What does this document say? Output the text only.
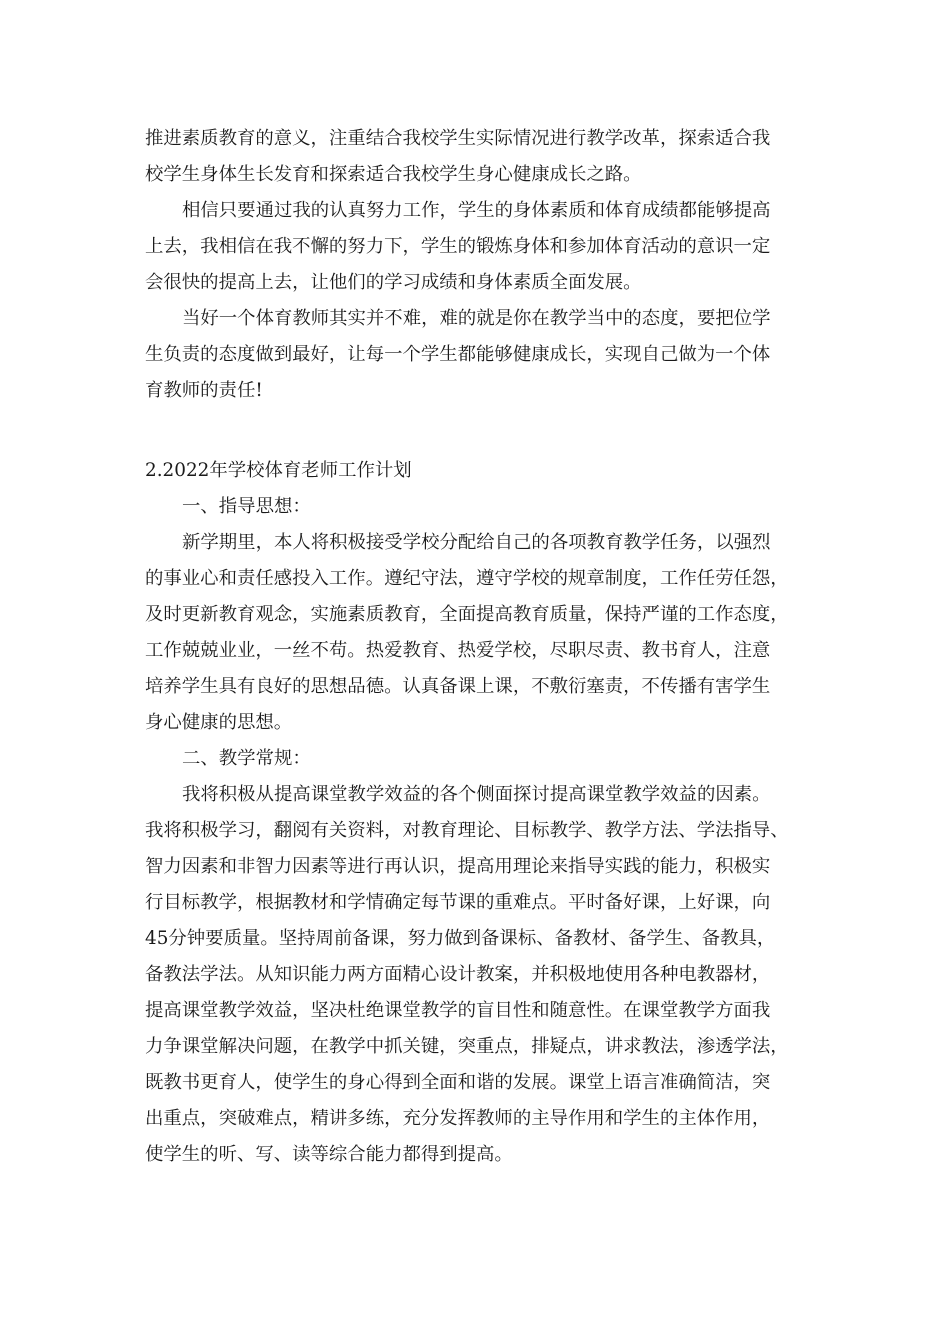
推进素质教育的意义，注重结合我校学生实际情况进行教学改革，探索适合我

校学生身体生长发育和探索适合我校学生身心健康成长之路。

相信只要通过我的认真努力工作，学生的身体素质和体育成绩都能够提高

上去，我相信在我不懈的努力下，学生的锻炼身体和参加体育活动的意识一定

会很快的提高上去，让他们的学习成绩和身体素质全面发展。

当好一个体育教师其实并不难，难的就是你在教学当中的态度，要把位学

生负责的态度做到最好，让每一个学生都能够健康成长，实现自己做为一个体

育教师的责任!

2.2022年学校体育老师工作计划

一、指导思想：

新学期里，本人将积极接受学校分配给自己的各项教育教学任务，以强烈

的事业心和责任感投入工作。遵纪守法，遵守学校的规章制度，工作任劳任怨，

及时更新教育观念，实施素质教育，全面提高教育质量，保持严谨的工作态度，

工作兢兢业业，一丝不苟。热爱教育、热爱学校，尽职尽责、教书育人，注意

培养学生具有良好的思想品德。认真备课上课，不敷衍塞责，不传播有害学生

身心健康的思想。

二、教学常规：

我将积极从提高课堂教学效益的各个侧面探讨提高课堂教学效益的因素。

我将积极学习，翻阅有关资料，对教育理论、目标教学、教学方法、学法指导、

智力因素和非智力因素等进行再认识，提高用理论来指导实践的能力，积极实

行目标教学，根据教材和学情确定每节课的重难点。平时备好课，上好课，向

45分钟要质量。坚持周前备课，努力做到备课标、备教材、备学生、备教具，

备教法学法。从知识能力两方面精心设计教案，并积极地使用各种电教器材，

提高课堂教学效益，坚决杜绝课堂教学的盲目性和随意性。在课堂教学方面我

力争课堂解决问题，在教学中抓关键，突重点，排疑点，讲求教法，渗透学法，

既教书更育人，使学生的身心得到全面和谐的发展。课堂上语言准确简洁，突

出重点，突破难点，精讲多练，充分发挥教师的主导作用和学生的主体作用，

使学生的听、写、读等综合能力都得到提高。
